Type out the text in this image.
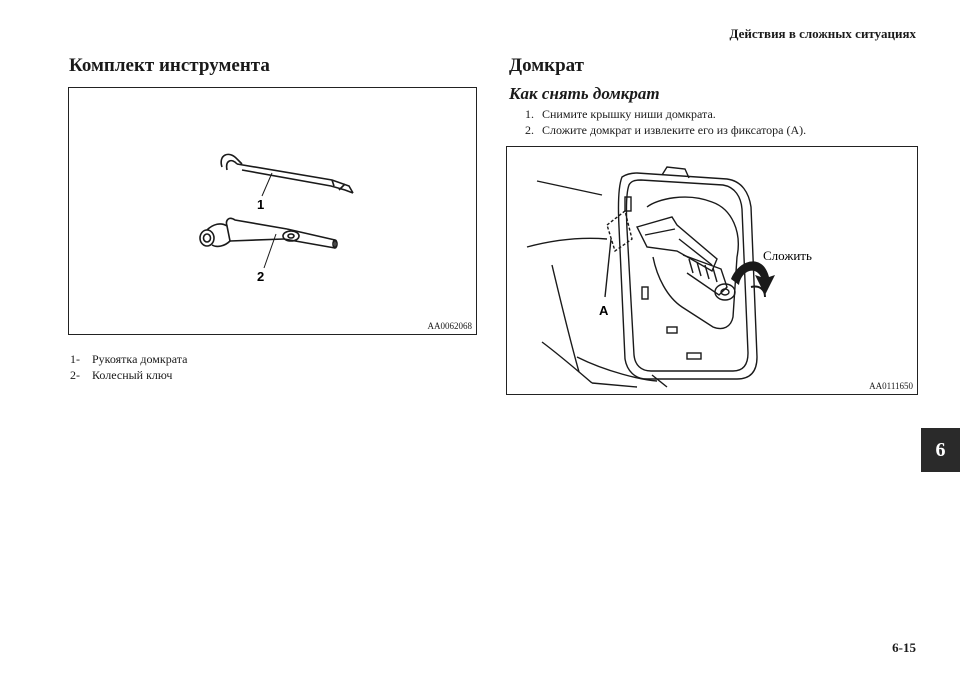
Действия в сложных ситуациях
Комплект инструмента
1
2
AA0062068
1-	Рукоятка домкрата
2-	Колесный ключ
Домкрат
Как снять домкрат
1. Снимите крышку ниши домкрата.
2. Сложите домкрат и извлеките его из фиксатора (A).
Сложить
A
AA0111650
6
6-15
